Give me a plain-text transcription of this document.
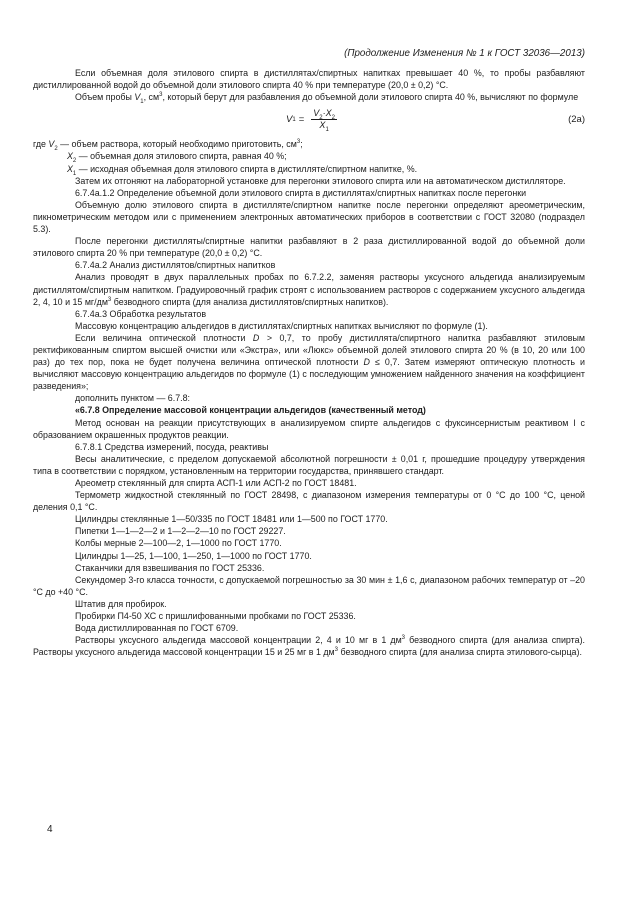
(Продолжение Изменения № 1 к ГОСТ 32036—2013)

Если объемная доля этилового спирта в дистиллятах/спиртных напитках превышает 40 %, то пробы разбавляют дистиллированной водой до объемной доли этилового спирта 40 % при температуре (20,0 ± 0,2) °С.

Объем пробы $V_1$, $см^3$, который берут для разбавления до объемной доли этилового спирта 40 %, вычисляют по формуле

V $1 = \frac{V_2\cdot X_2}{X_1}$	(2a)

где $V_2$ — объем раствора, который необходимо приготовить, $см^3$;

$X_2$ — объемная доля этилового спирта, равная 40 %;

$X_1$ — исходная объемная доля этилового спирта в дистилляте/спиртном напитке, %.

Затем их отгоняют на лабораторной установке для перегонки этилового спирта или на автоматическом дистилляторе.

6.7.4а.1.2 Определение объемной доли этилового спирта в дистиллятах/спиртных напитках после перегонки

Объемную долю этилового спирта в дистилляте/спиртном напитке после перегонки определяют ареометрическим, пикнометрическим методом или с применением электронных автоматических приборов в соответствии с ГОСТ 32080 (подраздел 5.3).

После перегонки дистилляты/спиртные напитки разбавляют в 2 раза дистиллированной водой до объемной доли этилового спирта 20 % при температуре (20,0 ± 0,2) °С.

6.7.4а.2 Анализ дистиллятов/спиртных напитков

Анализ проводят в двух параллельных пробах по 6.7.2.2, заменяя растворы уксусного альдегида анализируемым дистиллятом/спиртным напитком. Градуировочный график строят с использованием растворов с содержанием уксусного альдегида 2, 4, 10 и 15 $мг/дм^3$ безводного спирта (для анализа дистиллятов/спиртных напитков).

6.7.4а.3 Обработка результатов

Массовую концентрацию альдегидов в дистиллятах/спиртных напитках вычисляют по формуле (1).

Если величина оптической плотности D > 0,7, то пробу дистиллята/спиртного напитка разбавляют этиловым ректификованным спиртом высшей очистки или «Экстра», или «Люкс» объемной долей этилового спирта 20 % (в 10, 20 или 100 раз) до тех пор, пока не будет получена величина оптической плотности D ≤ 0,7. Затем измеряют оптическую плотность и вычисляют массовую концентрацию альдегидов по формуле (1) с последующим умножением найденного значения на коэффициент разведения»;

дополнить пунктом — 6.7.8:

«6.7.8 Определение массовой концентрации альдегидов (качественный метод)

Метод основан на реакции присутствующих в анализируемом спирте альдегидов с фуксинсернистым реактивом I с образованием окрашенных продуктов реакции.

6.7.8.1 Средства измерений, посуда, реактивы

Весы аналитические, с пределом допускаемой абсолютной погрешности ± 0,01 г, прошедшие процедуру утверждения типа в соответствии с порядком, установленным на территории государства, принявшего стандарт.

Ареометр стеклянный для спирта АСП-1 или АСП-2 по ГОСТ 18481.

Термометр жидкостной стеклянный по ГОСТ 28498, с диапазоном измерения температуры от 0 °С до 100 °С, ценой деления 0,1 °С.

Цилиндры стеклянные 1—50/335 по ГОСТ 18481 или 1—500 по ГОСТ 1770.

Пипетки 1—1—2—2 и 1—2—2—10 по ГОСТ 29227.

Колбы мерные 2—100—2, 1—1000 по ГОСТ 1770.

Цилиндры 1—25, 1—100, 1—250, 1—1000 по ГОСТ 1770.

Стаканчики для взвешивания по ГОСТ 25336.

Секундомер 3-го класса точности, с допускаемой погрешностью за 30 мин ± 1,6 с, диапазоном рабочих температур от –20 °С до +40 °С.

Штатив для пробирок.

Пробирки П4-50 ХС с пришлифованными пробками по ГОСТ 25336.

Вода дистиллированная по ГОСТ 6709.

Растворы уксусного альдегида массовой концентрации 2, 4 и 10 мг в 1 $дм^3$ безводного спирта (для анализа спирта). Растворы уксусного альдегида массовой концентрации 15 и 25 мг в 1 $дм^3$ безводного спирта (для анализа спирта этилового-сырца).

4
